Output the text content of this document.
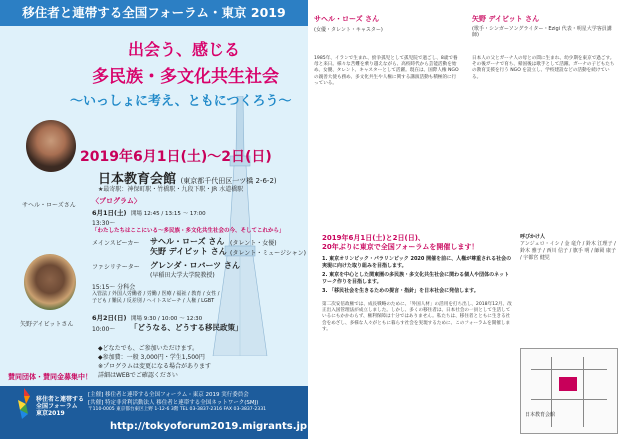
移住者と連帯する全国フォーラム・東京 2019
出会う、感じる
多民族・多文化共生社会
〜いっしょに考え、ともにつくろう〜
サヘル・ローズさん
矢野デイビットさん
2019年6月1日(土)〜2日(日)
日本教育会館 (東京都千代田区一ツ橋 2-6-2)
★最寄駅：神保町駅・竹橋駅・九段下駅・JR 水道橋駅
〈プログラム〉
6月1日(土) 開場 12:45 / 13:15 〜 17:00
13:30〜
「わたしたちはここにいる〜多民族・多文化共生社会の今、そしてこれから」
メインスピーカー サヘル・ローズ さん (タレント・女優)
矢野 デイビット さん (タレント・ミュージシャン)
ファシリテーター グレンダ・ロバーツ さん
(早稲田大学大学院教授)
15:15〜 分科会
入管法 / 外国人労働者 / 労働 / 医療 / 福祉 / 教育 / 女性 / 子ども / 難民 / 反差別 / ヘイトスピーチ / 人権 / LGBT
6月2日(日) 開場 9:30 / 10:00 〜 12:30
10:00〜 「どうなる、どうする移民政策」
◆どなたでも、ご参加いただけます。
◆参加費：一般 3,000円・学生1,500円
※プログラムは変更になる場合があります
詳細はWEBでご確認ください
賛同団体・賛同金募集中！
移住者と連帯する
全国フォーラム
東京2019
[主催] 移住者と連帯する全国フォーラム・東京 2019 実行委員会
[共催] 特定非営利活動法人 移住者と連帯する全国ネットワーク(SMJ)
〒110-0005 東京都台東区上野 1-12-6 3階 TEL 03-3837-2316 FAX 03-3837-2331
http://tokyoforum2019.migrants.jp
サヘル・ローズ さん
(女優・タレント・キャスター)
1985年、イランで生まれ、紛争孤児として孤児院で過ごし、8歳で養母と来日。様々な苦難を乗り越えながら、高校時代から芸能活動を始め、女優、タレント、キャスターとして活躍。現在は、国際人権 NGO の親善大使も務め、多文化共生や人権に関する講演活動も積極的に行っている。
矢野 デイビット さん
(歌手・シンガーソングライター・Ezigi 代表・明星大学客員講師)
日本人の父とガーナ人の母との間に生まれ、幼少期を東京で過ごす。その後ガーナで育ち、帰国後は歌手として活躍。ガーナの子どもたちの教育支援を行う NGO を設立し、学校建設などの活動を続けている。
2019年6月1日(土)と2日(日)、
20年ぶりに東京で全国フォーラムを開催します！
1. 東京オリンピック・パラリンピック 2020 開催を前に、人権が尊重される社会の実現に向けた取り組みを目指します。
2. 東京を中心とした関東圏の多民族・多文化共生社会に関わる個人や団体のネットワーク作りを目指します。
3. 「移民社会を生きるための提言・指針」を日本社会に発信します。
第二次安倍政権では、成長戦略のために、「外国人材」の活用を打ち出し、2018年12月、改正出入国管理法が成立しました。しかし、多くの移住者は、日本社会の一員として生活しているにもかかわらず、権利保障は十分ではありません。私たちは、移住者とともに生きる社会をめざし、多様な人々がともに暮らす社会を実現するために、このフォーラムを開催します。
呼びかけ人
アンジェロ・イシ / 金 竜介 / 鈴木 江理子 / 鈴木 雅子 / 西川 信子 / 旗手 明 / 師岡 康子 / 宇都宮 健児
日本教育会館
